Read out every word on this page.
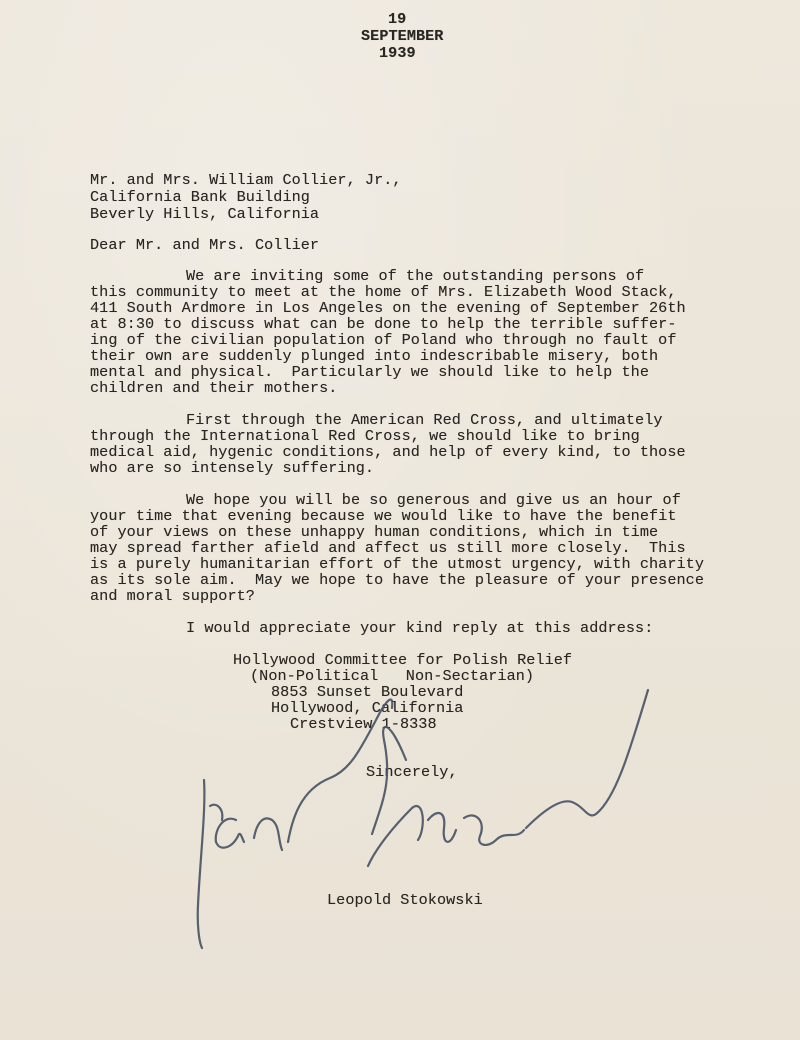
19
SEPTEMBER
1939
Mr. and Mrs. William Collier, Jr.,
California Bank Building
Beverly Hills, California
Dear Mr. and Mrs. Collier
We are inviting some of the outstanding persons of
this community to meet at the home of Mrs. Elizabeth Wood Stack,
411 South Ardmore in Los Angeles on the evening of September 26th
at 8:30 to discuss what can be done to help the terrible suffer-
ing of the civilian population of Poland who through no fault of
their own are suddenly plunged into indescribable misery, both
mental and physical.  Particularly we should like to help the
children and their mothers.
First through the American Red Cross, and ultimately
through the International Red Cross, we should like to bring
medical aid, hygenic conditions, and help of every kind, to those
who are so intensely suffering.
We hope you will be so generous and give us an hour of
your time that evening because we would like to have the benefit
of your views on these unhappy human conditions, which in time
may spread farther afield and affect us still more closely.  This
is a purely humanitarian effort of the utmost urgency, with charity
as its sole aim.  May we hope to have the pleasure of your presence
and moral support?
I would appreciate your kind reply at this address:
Hollywood Committee for Polish Relief
(Non-Political   Non-Sectarian)
8853 Sunset Boulevard
Hollywood, California
Crestview 1-8338
Sincerely,
Leopold Stokowski
